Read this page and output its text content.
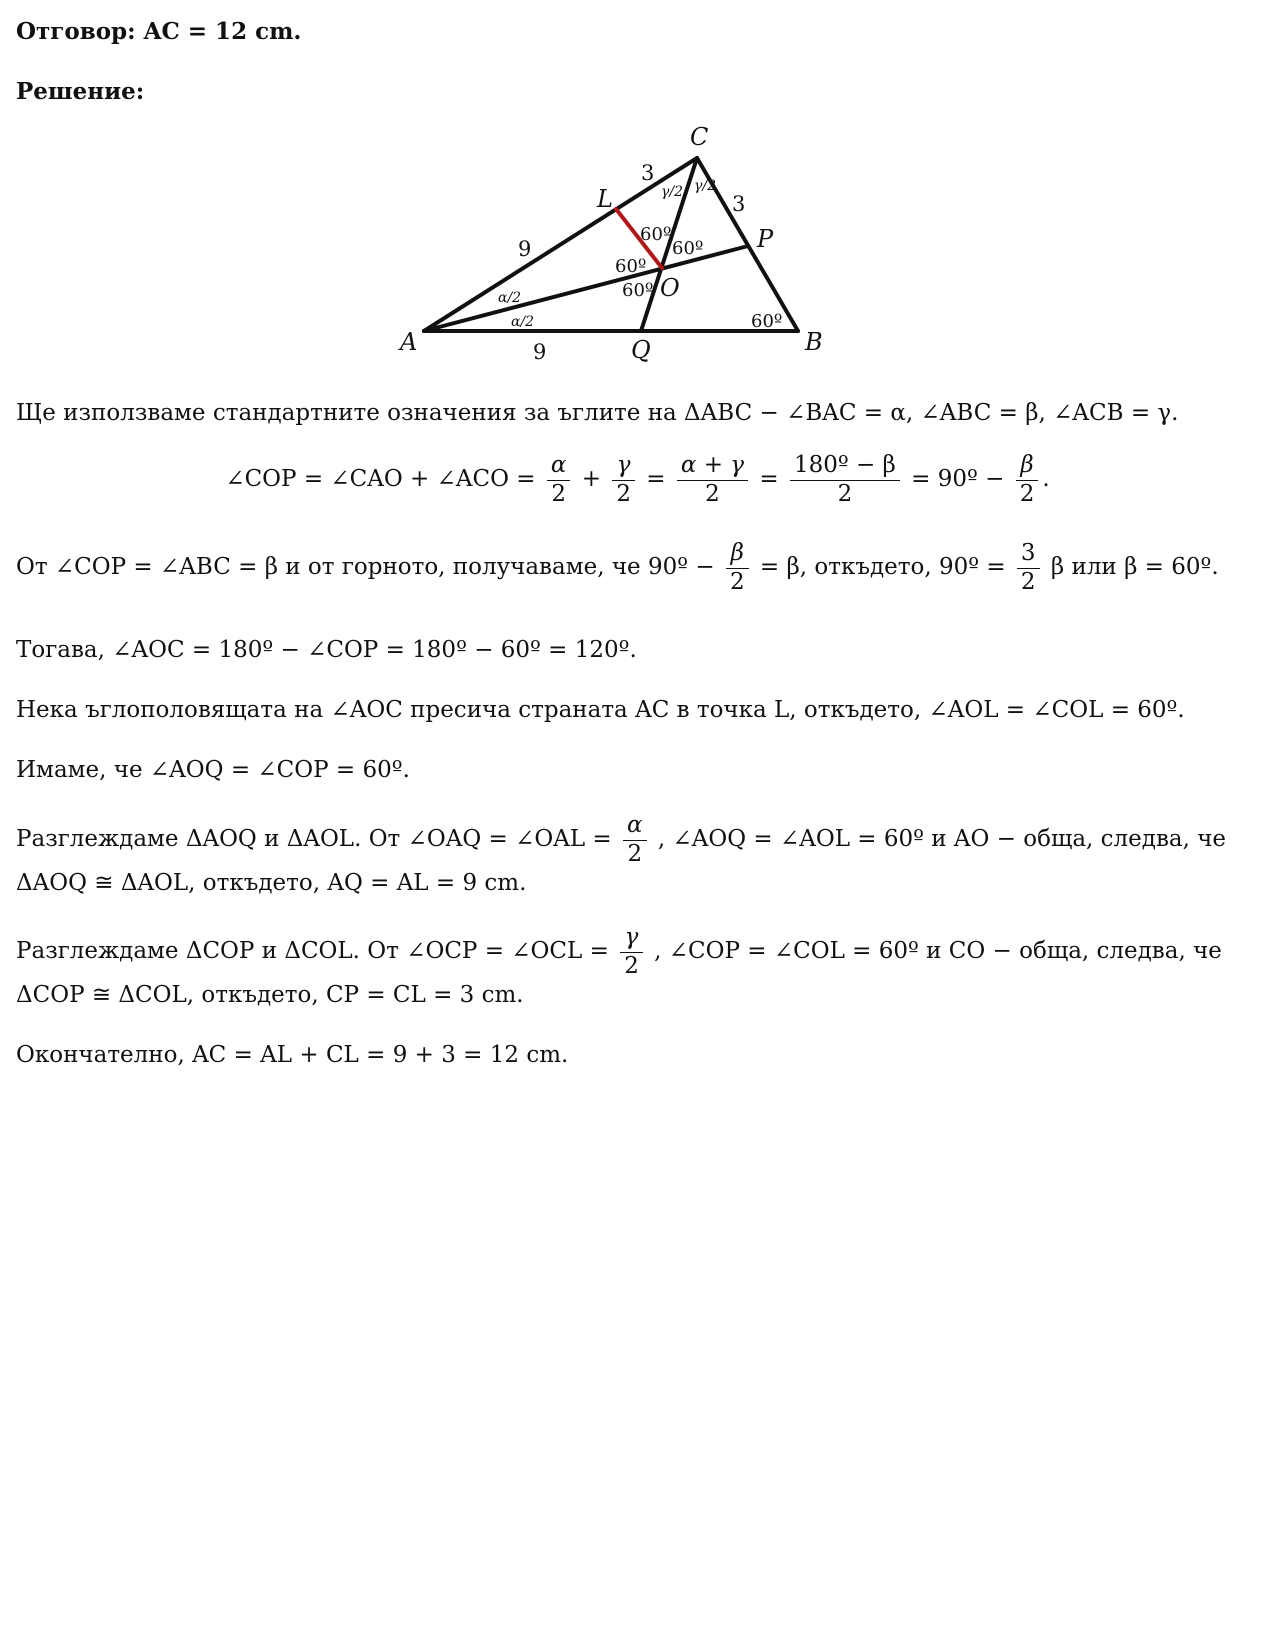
Отговор: AC = 12 cm.
Решение:
A	B
C
L
P
O
Q
9
3
3
9
60º
60º
60º
60º
60º
γ/2 γ/2
α/2
α/2
Ще използваме стандартните означения за ъглите на ΔABC − ∠BAC = α, ∠ABC = β, ∠ACB = γ.
∠COP = ∠CAO + ∠ACO = $\frac{\alpha}{2} + \frac{\gamma}{2} = \frac{\alpha + \gamma}{2} = \frac{\text{180º − β}}{2}$ = 90º − $\frac{\beta}{2}$ .
От ∠COP = ∠ABC = β и от горното, получаваме, че 90º − $\frac{\beta}{2} = \beta$, откъдето, 90º = $\frac{3}{2}$ β или β = 60º.
Тогава, ∠AOC = 180º − ∠COP = 180º − 60º = 120º.
Нека ъглополовящата на ∠AOC пресича страната AC в точка L, откъдето, ∠AOL = ∠COL = 60º.
Имаме, че ∠AOQ = ∠COP = 60º.
Разглеждаме ΔAOQ и ΔAOL. От ∠OAQ = ∠OAL = $\frac{\alpha}{2}$ , ∠AOQ = ∠AOL = 60º и AO − обща, следва, че
ΔAOQ ≅ ΔAOL, откъдето, AQ = AL = 9 cm.
Разглеждаме ΔCOP и ΔCOL. От ∠OCP = ∠OCL = $\frac{\gamma}{2}$ , ∠COP = ∠COL = 60º и CO − обща, следва, че
ΔCOP ≅ ΔCOL, откъдето, CP = CL = 3 cm.
Окончателно, AC = AL + CL = 9 + 3 = 12 cm.
